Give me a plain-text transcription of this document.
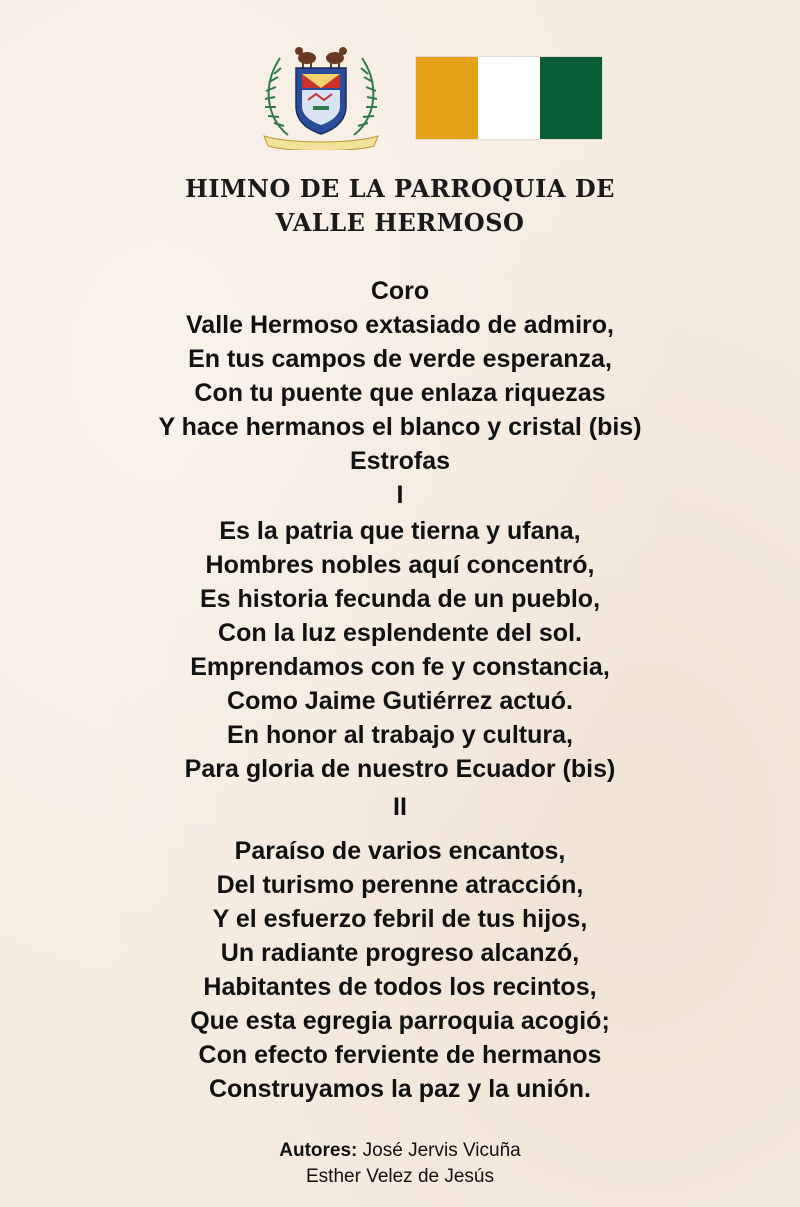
HIMNO DE LA PARROQUIA DE
VALLE HERMOSO
Coro
Valle Hermoso extasiado de admiro,
En tus campos de verde esperanza,
Con tu puente que enlaza riquezas
Y hace hermanos el blanco y cristal (bis)
Estrofas
I
Es la patria que tierna y ufana,
Hombres nobles aquí concentró,
Es historia fecunda de un pueblo,
Con la luz esplendente del sol.
Emprendamos con fe y constancia,
Como Jaime Gutiérrez actuó.
En honor al trabajo y cultura,
Para gloria de nuestro Ecuador (bis)
II
Paraíso de varios encantos,
Del turismo perenne atracción,
Y el esfuerzo febril de tus hijos,
Un radiante progreso alcanzó,
Habitantes de todos los recintos,
Que esta egregia parroquia acogió;
Con efecto ferviente de hermanos
Construyamos la paz y la unión.
Autores: José Jervis Vicuña
Esther Velez de Jesús
